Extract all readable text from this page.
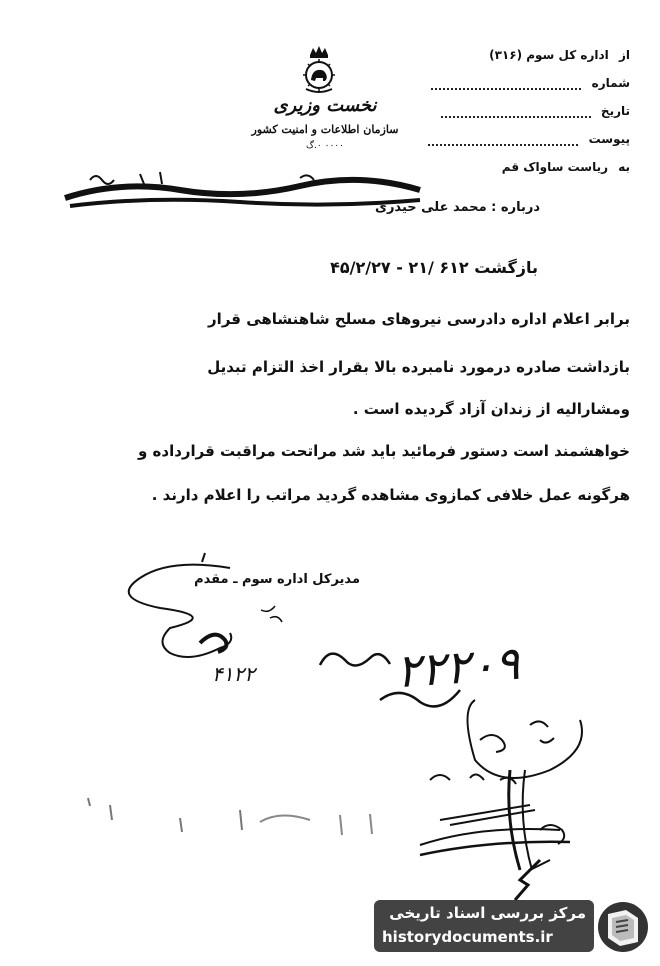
نخست وزیری
سازمان اطلاعات و امنیت کشور
۰۰۰۰ ۰.گ
از اداره کل سوم (۳۱۶)
شماره
تاریخ
پیوست
به ریاست ساواک قم
درباره : محمد علی حیدری
بازگشت ۶۱۲ /۲۱ - ۴۵/۲/۲۷
برابر اعلام اداره دادرسی نیروهای مسلح شاهنشاهی قرار
بازداشت صادره درمورد نامبرده بالا بقرار اخذ التزام تبدیل
ومشارالیه از زندان آزاد گردیده است .
خواهشمند است دستور فرمائید باید شد مراتحت مراقبت قرارداده و
هرگونه عمل خلافی کمازوی مشاهده گردید مراتب را اعلام دارند .
مدیرکل اداره سوم ـ مقدم
۴۱۲۲	۲۲۲۰۹
مرکز بررسی اسناد تاریخی
historydocuments.ir
